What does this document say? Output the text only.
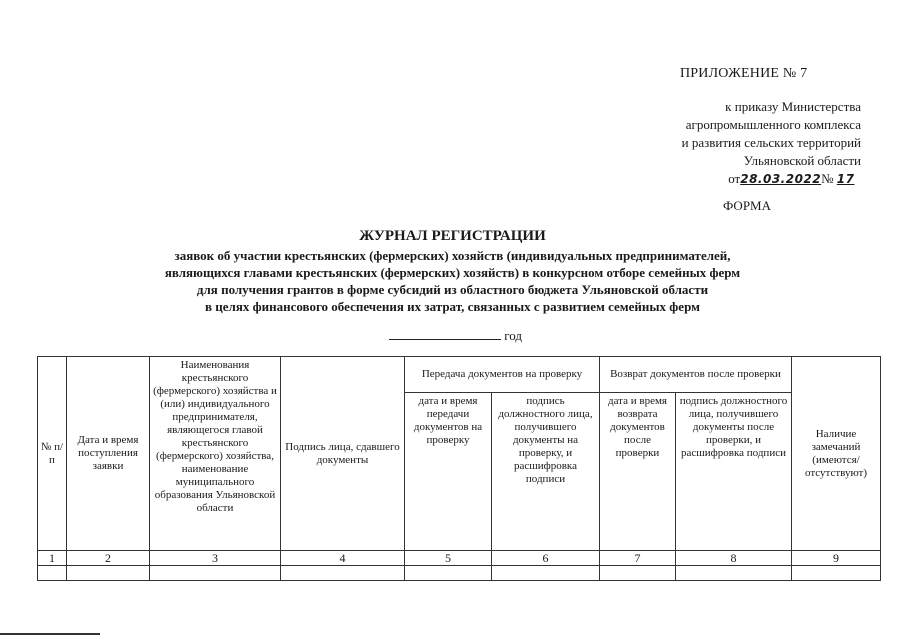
ПРИЛОЖЕНИЕ № 7
к приказу Министерства
агропромышленного комплекса
и развития сельских территорий
Ульяновской области
от28.03.2022№ 17
ФОРМА
ЖУРНАЛ РЕГИСТРАЦИИ
заявок об участии крестьянских (фермерских) хозяйств (индивидуальных предпринимателей,
являющихся главами крестьянских (фермерских) хозяйств) в конкурсном отборе семейных ферм
для получения грантов в форме субсидий из областного бюджета Ульяновской области
в целях финансового обеспечения их затрат, связанных с развитием семейных ферм
год
№ п/п	Дата и время поступления заявки	Наименования крестьянского (фермерского) хозяйства и (или) индивидуального предпринимателя, являющегося главой крестьянского (фермерского) хозяйства, наименование муниципального образования Ульяновской области	Подпись лица, сдавшего документы	Передача документов на проверку		Возврат документов после проверки		Наличие замечаний (имеются/ отсутствуют)
				дата и время передачи документов на проверку	подпись должностного лица, получившего документы на проверку, и расшифровка подписи	дата и время возврата документов после проверки	подпись должностного лица, получившего документы после проверки, и расшифровка подписи	
1	2	3	4	5	6	7	8	9
